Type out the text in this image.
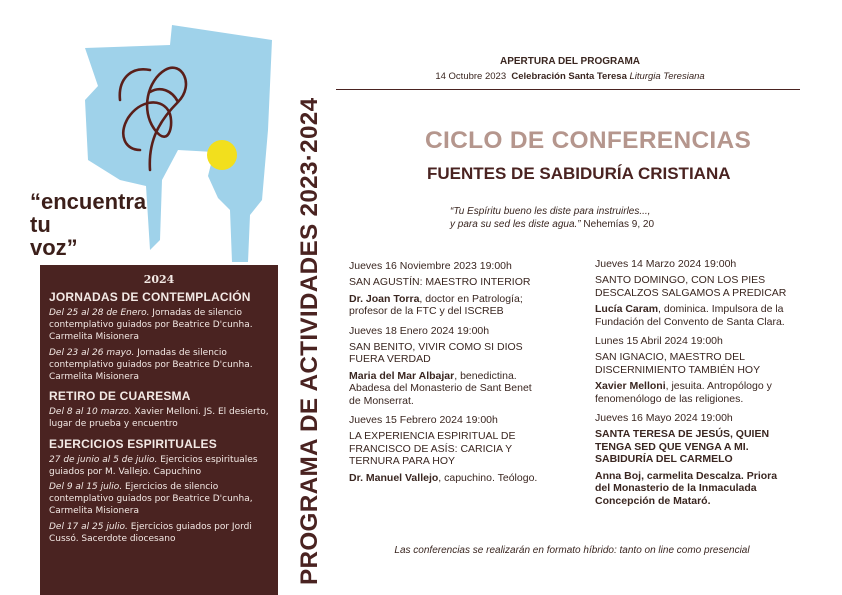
“encuentra
tu
voz”
2024
JORNADAS DE CONTEMPLACIÓN
Del 25 al 28 de Enero. Jornadas de silencio contemplativo guiados por Beatrice D'cunha. Carmelita Misionera
Del 23 al 26 mayo. Jornadas de silencio contemplativo guiados por Beatrice D'cunha. Carmelita Misionera
RETIRO DE CUARESMA
Del 8 al 10 marzo. Xavier Melloni. JS. El desierto, lugar de prueba y encuentro
EJERCICIOS ESPIRITUALES
27 de junio al 5 de julio. Ejercicios espirituales guiados por M. Vallejo. Capuchino
Del 9 al 15 julio. Ejercicios de silencio contemplativo guiados por Beatrice D'cunha, Carmelita Misionera
Del 17 al 25 julio. Ejercicios guiados por Jordi Cussó. Sacerdote diocesano	PROGRAMA DE ACTIVIDADES 2023·2024
APERTURA DEL PROGRAMA
14 Octubre 2023 Celebración Santa Teresa Liturgia Teresiana
CICLO DE CONFERENCIAS
FUENTES DE SABIDURÍA CRISTIANA
“Tu Espíritu bueno les diste para instruirles...,
y para su sed les diste agua.” Nehemías 9, 20
Jueves 16 Noviembre 2023 19:00h
SAN AGUSTÍN: MAESTRO INTERIOR
Dr. Joan Torra, doctor en Patrología; profesor de la FTC y del ISCREB
Jueves 18 Enero 2024 19:00h
SAN BENITO, VIVIR COMO SI DIOS FUERA VERDAD
Maria del Mar Albajar, benedictina. Abadesa del Monasterio de Sant Benet de Monserrat.
Jueves 15 Febrero 2024 19:00h
LA EXPERIENCIA ESPIRITUAL DE FRANCISCO DE ASÍS: CARICIA Y TERNURA PARA HOY
Dr. Manuel Vallejo, capuchino. Teólogo.
Jueves 14 Marzo 2024 19:00h
SANTO DOMINGO, CON LOS PIES DESCALZOS SALGAMOS A PREDICAR
Lucía Caram, dominica. Impulsora de la Fundación del Convento de Santa Clara.
Lunes 15 Abril 2024 19:00h
SAN IGNACIO, MAESTRO DEL DISCERNIMIENTO TAMBIÉN HOY
Xavier Melloni, jesuita. Antropólogo y fenomenólogo de las religiones.
Jueves 16 Mayo 2024 19:00h
SANTA TERESA DE JESÚS, QUIEN TENGA SED QUE VENGA A MI. SABIDURÍA DEL CARMELO
Anna Boj, carmelita Descalza. Priora del Monasterio de la Inmaculada Concepción de Mataró.
Las conferencias se realizarán en formato híbrido: tanto on line como presencial
